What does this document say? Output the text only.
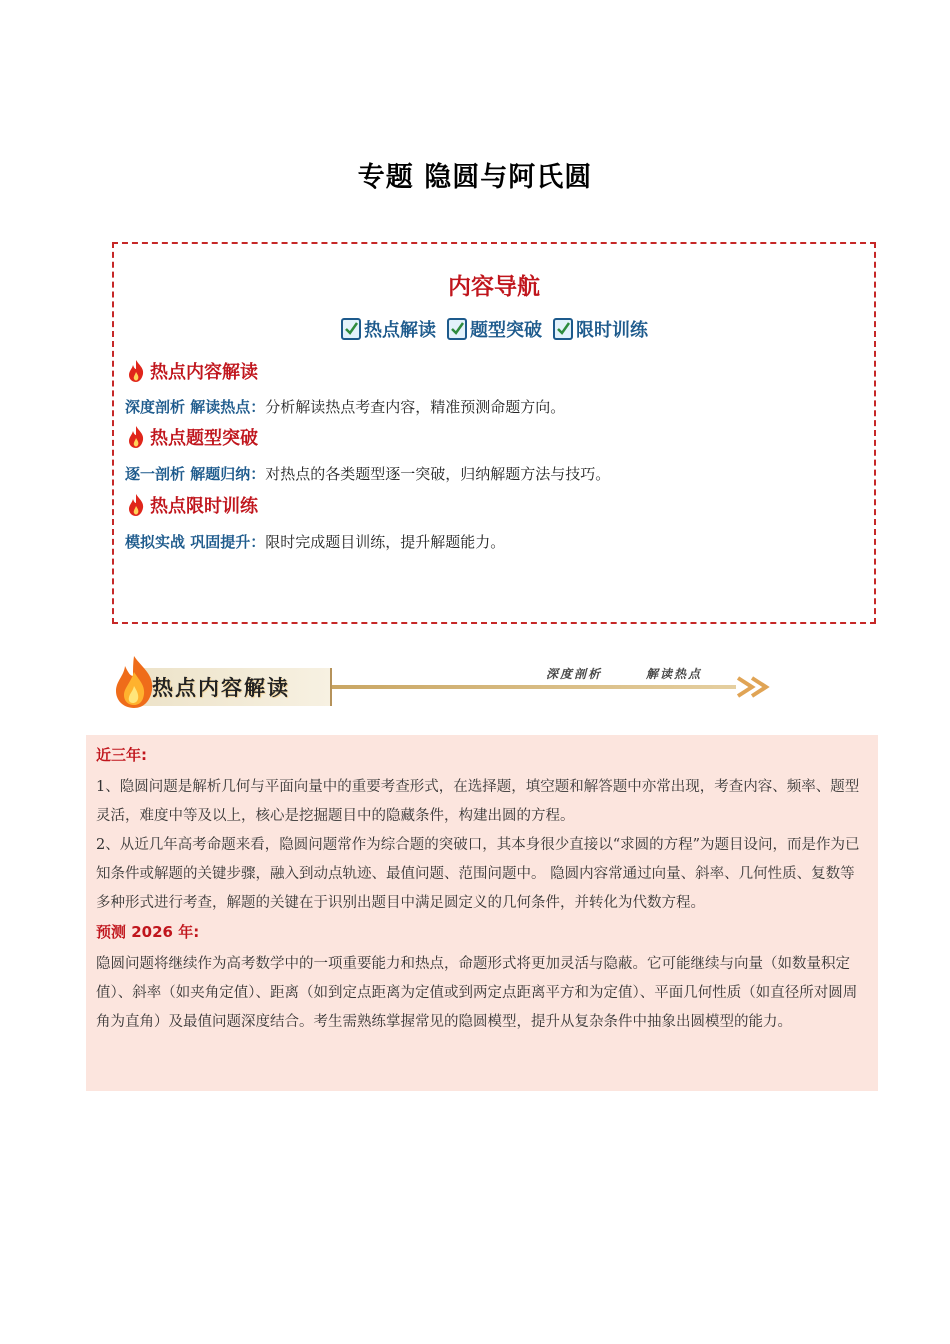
专题 隐圆与阿氏圆
内容导航
热点解读 题型突破 限时训练
热点内容解读
深度剖析 解读热点：分析解读热点考查内容，精准预测命题方向。
热点题型突破
逐一剖析 解题归纳：对热点的各类题型逐一突破，归纳解题方法与技巧。
热点限时训练
模拟实战 巩固提升：限时完成题目训练，提升解题能力。
热点内容解读
深度剖析	解读热点
近三年:

1、隐圆问题是解析几何与平面向量中的重要考查形式，在选择题，填空题和解答题中亦常出现，考查内容、频率、题型灵活，难度中等及以上，核心是挖掘题目中的隐藏条件，构建出圆的方程。

2、从近几年高考命题来看，隐圆问题常作为综合题的突破口，其本身很少直接以“求圆的方程”为题目设问，而是作为已知条件或解题的关键步骤，融入到动点轨迹、最值问题、范围问题中。 隐圆内容常通过向量、斜率、几何性质、复数等多种形式进行考查，解题的关键在于识别出题目中满足圆定义的几何条件，并转化为代数方程。

预测 2026 年:

隐圆问题将继续作为高考数学中的一项重要能力和热点，命题形式将更加灵活与隐蔽。它可能继续与向量（如数量积定值）、斜率（如夹角定值）、距离（如到定点距离为定值或到两定点距离平方和为定值）、平面几何性质（如直径所对圆周角为直角）及最值问题深度结合。考生需熟练掌握常见的隐圆模型，提升从复杂条件中抽象出圆模型的能力。
